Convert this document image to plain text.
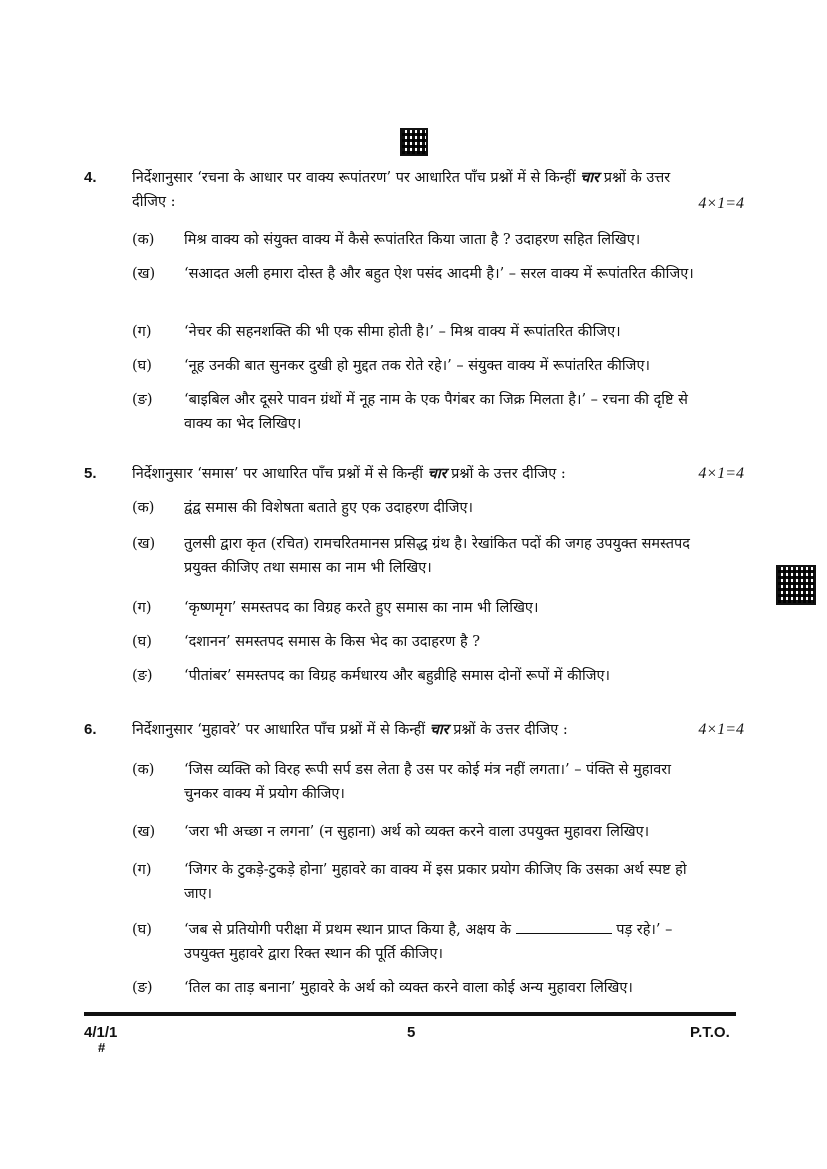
4. निर्देशानुसार ‘रचना के आधार पर वाक्य रूपांतरण’ पर आधारित पाँच प्रश्नों में से किन्हीं चार प्रश्नों के उत्तर दीजिए :	4×1=4
(क)	मिश्र वाक्य को संयुक्त वाक्य में कैसे रूपांतरित किया जाता है ? उदाहरण सहित लिखिए।
(ख)	‘सआदत अली हमारा दोस्त है और बहुत ऐश पसंद आदमी है।’ – सरल वाक्य में रूपांतरित कीजिए।
(ग)	‘नेचर की सहनशक्ति की भी एक सीमा होती है।’ – मिश्र वाक्य में रूपांतरित कीजिए।
(घ)	‘नूह उनकी बात सुनकर दुखी हो मुद्दत तक रोते रहे।’ – संयुक्त वाक्य में रूपांतरित कीजिए।
(ङ)	‘बाइबिल और दूसरे पावन ग्रंथों में नूह नाम के एक पैगंबर का जिक्र मिलता है।’ – रचना की दृष्टि से वाक्य का भेद लिखिए।
5. निर्देशानुसार ‘समास’ पर आधारित पाँच प्रश्नों में से किन्हीं चार प्रश्नों के उत्तर दीजिए :	4×1=4
(क)	द्वंद्व समास की विशेषता बताते हुए एक उदाहरण दीजिए।
(ख)	तुलसी द्वारा कृत (रचित) रामचरितमानस प्रसिद्ध ग्रंथ है। रेखांकित पदों की जगह उपयुक्त समस्तपद प्रयुक्त कीजिए तथा समास का नाम भी लिखिए।
(ग)	‘कृष्णमृग’ समस्तपद का विग्रह करते हुए समास का नाम भी लिखिए।
(घ)	‘दशानन’ समस्तपद समास के किस भेद का उदाहरण है ?
(ङ)	‘पीतांबर’ समस्तपद का विग्रह कर्मधारय और बहुव्रीहि समास दोनों रूपों में कीजिए।
6. निर्देशानुसार ‘मुहावरे’ पर आधारित पाँच प्रश्नों में से किन्हीं चार प्रश्नों के उत्तर दीजिए :	4×1=4
(क)	‘जिस व्यक्ति को विरह रूपी सर्प डस लेता है उस पर कोई मंत्र नहीं लगता।’ – पंक्ति से मुहावरा चुनकर वाक्य में प्रयोग कीजिए।
(ख)	‘जरा भी अच्छा न लगना’ (न सुहाना) अर्थ को व्यक्त करने वाला उपयुक्त मुहावरा लिखिए।
(ग)	‘जिगर के टुकड़े-टुकड़े होना’ मुहावरे का वाक्य में इस प्रकार प्रयोग कीजिए कि उसका अर्थ स्पष्ट हो जाए।
(घ)	‘जब से प्रतियोगी परीक्षा में प्रथम स्थान प्राप्त किया है, अक्षय के	पड़ रहे।’ – उपयुक्त मुहावरे द्वारा रिक्त स्थान की पूर्ति कीजिए।
(ङ)	‘तिल का ताड़ बनाना’ मुहावरे के अर्थ को व्यक्त करने वाला कोई अन्य मुहावरा लिखिए।
4/1/1
#
5	P.T.O.
